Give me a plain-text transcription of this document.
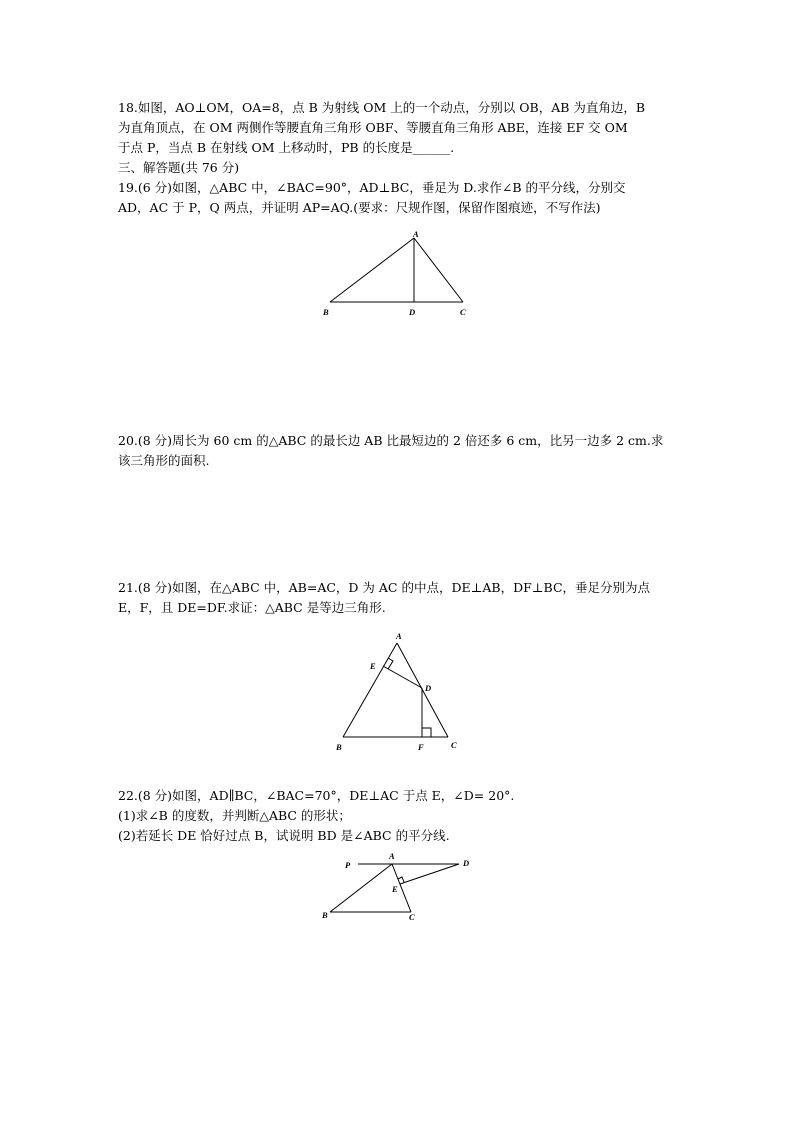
18.如图，AO⊥OM，OA=8，点 B 为射线 OM 上的一个动点，分别以 OB，AB 为直角边，B
为直角顶点，在 OM 两侧作等腰直角三角形 OBF、等腰直角三角形 ABE，连接 EF 交 OM
于点 P，当点 B 在射线 OM 上移动时，PB 的长度是______.
三、解答题(共 76 分)
19.(6 分)如图，△ABC 中，∠BAC=90°，AD⊥BC，垂足为 D.求作∠B 的平分线，分别交
AD，AC 于 P，Q 两点，并证明 AP=AQ.(要求：尺规作图，保留作图痕迹，不写作法)
A
B	D	C
20.(8 分)周长为 60 cm 的△ABC 的最长边 AB 比最短边的 2 倍还多 6 cm，比另一边多 2 cm.求
该三角形的面积.
21.(8 分)如图，在△ABC 中，AB=AC，D 为 AC 的中点，DE⊥AB，DF⊥BC，垂足分别为点
E，F，且 DE=DF.求证：△ABC 是等边三角形.
A
E
D
B	F	C
22.(8 分)如图，AD∥BC，∠BAC=70°，DE⊥AC 于点 E，∠D= 20°.
(1)求∠B 的度数，并判断△ABC 的形状；
(2)若延长 DE 恰好过点 B，试说明 BD 是∠ABC 的平分线.
P
A
D
E
B	C
